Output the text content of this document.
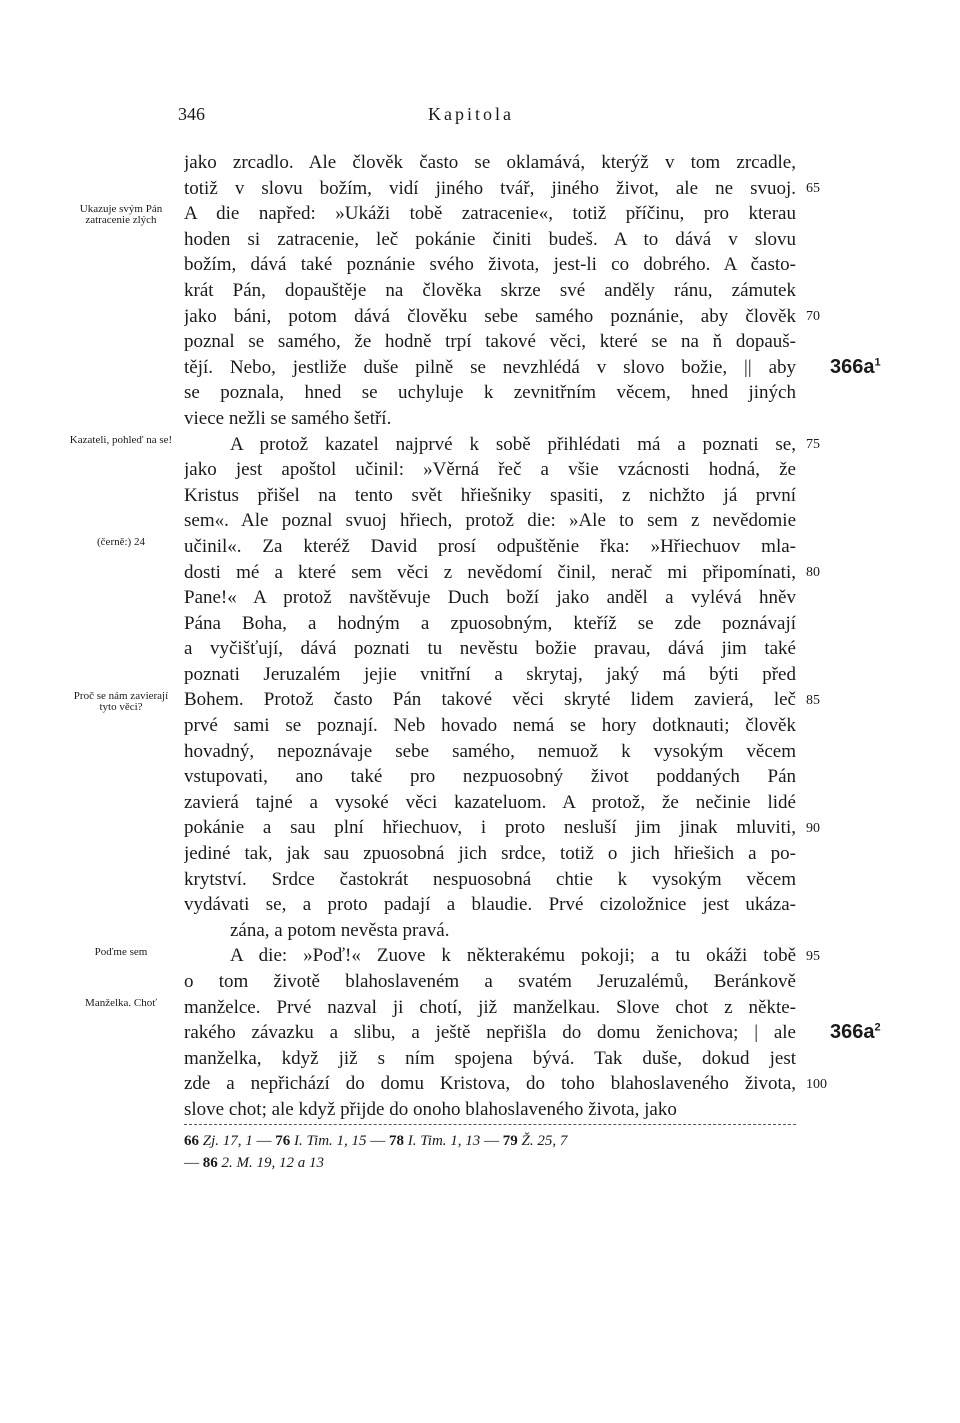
346	Kapitola
jako zrcadlo. Ale člověk často se oklamává, kterýž v tom zrcadle,
totiž v slovu božím, vidí jiného tvář, jiného život, ale ne svuoj.
A die napřed: »Ukáži tobě zatracenie«, totiž příčinu, pro kterau
hoden si zatracenie, leč pokánie činiti budeš. A to dává v slovu
božím, dává také poznánie svého života, jest-li co dobrého. A často-
krát Pán, dopauštěje na člověka skrze své anděly ránu, zámutek
jako báni, potom dává člověku sebe samého poznánie, aby člověk
poznal se samého, že hodně trpí takové věci, které se na ň dopauš-
tějí. Nebo, jestliže duše pilně se nevzhlédá v slovo božie, || aby
se poznala, hned se uchyluje k zevnitřním věcem, hned jiných
viece nežli se samého šetří.
A protož kazatel najprvé k sobě přihlédati má a poznati se,
jako jest apoštol učinil: »Věrná řeč a všie vzácnosti hodná, že
Kristus přišel na tento svět hřiešniky spasiti, z nichžto já první
sem«. Ale poznal svuoj hřiech, protož die: »Ale to sem z nevědomie
učinil«. Za kteréž David prosí odpuštěnie řka: »Hřiechuov mla-
dosti mé a které sem věci z nevědomí činil, nerač mi připomínati,
Pane!« A protož navštěvuje Duch boží jako anděl a vylévá hněv
Pána Boha, a hodným a zpuosobným, kteříž se zde poznávají
a vyčišťují, dává poznati tu nevěstu božie pravau, dává jim také
poznati Jeruzalém jejie vnitřní a skrytaj, jaký má býti před
Bohem. Protož často Pán takové věci skryté lidem zavierá, leč
prvé sami se poznají. Neb hovado nemá se hory dotknauti; člověk
hovadný, nepoznávaje sebe samého, nemuož k vysokým věcem
vstupovati, ano také pro nezpuosobný život poddaných Pán
zavierá tajné a vysoké věci kazateluom. A protož, že nečinie lidé
pokánie a sau plní hřiechuov, i proto nesluší jim jinak mluviti,
jediné tak, jak sau zpuosobná jich srdce, totiž o jich hřiešich a po-
krytství. Srdce častokrát nespuosobná chtie k vysokým věcem
vydávati se, a proto padají a blaudie. Prvé cizoložnice jest ukáza-
zána, a potom nevěsta pravá.
A die: »Poď!« Zuove k některakému pokoji; a tu okáži tobě
o tom životě blahoslaveném a svatém Jeruzalémů, Beránkově
manželce. Prvé nazval ji chotí, již manželkau. Slove chot z někte-
rakého závazku a slibu, a ještě nepřišla do domu ženichova; | ale
manželka, když již s ním spojena bývá. Tak duše, dokud jest
zde a nepřichází do domu Kristova, do toho blahoslaveného života,
slove chot; ale když přijde do onoho blahoslaveného života, jako
Ukazuje svým Pán zatracenie zlých
Kazateli, pohleď na se!
(černě:) 24
Proč se nám zavierají tyto věci?
Poďme sem
Manželka. Choť
65
70
75
80
85
90
95
100
$366a^1$
$366a^2$
66 Zj. 17, 1 — 76 I. Tim. 1, 15 — 78 I. Tim. 1, 13 — 79 Ž. 25, 7
— 86 2. M. 19, 12 a 13
